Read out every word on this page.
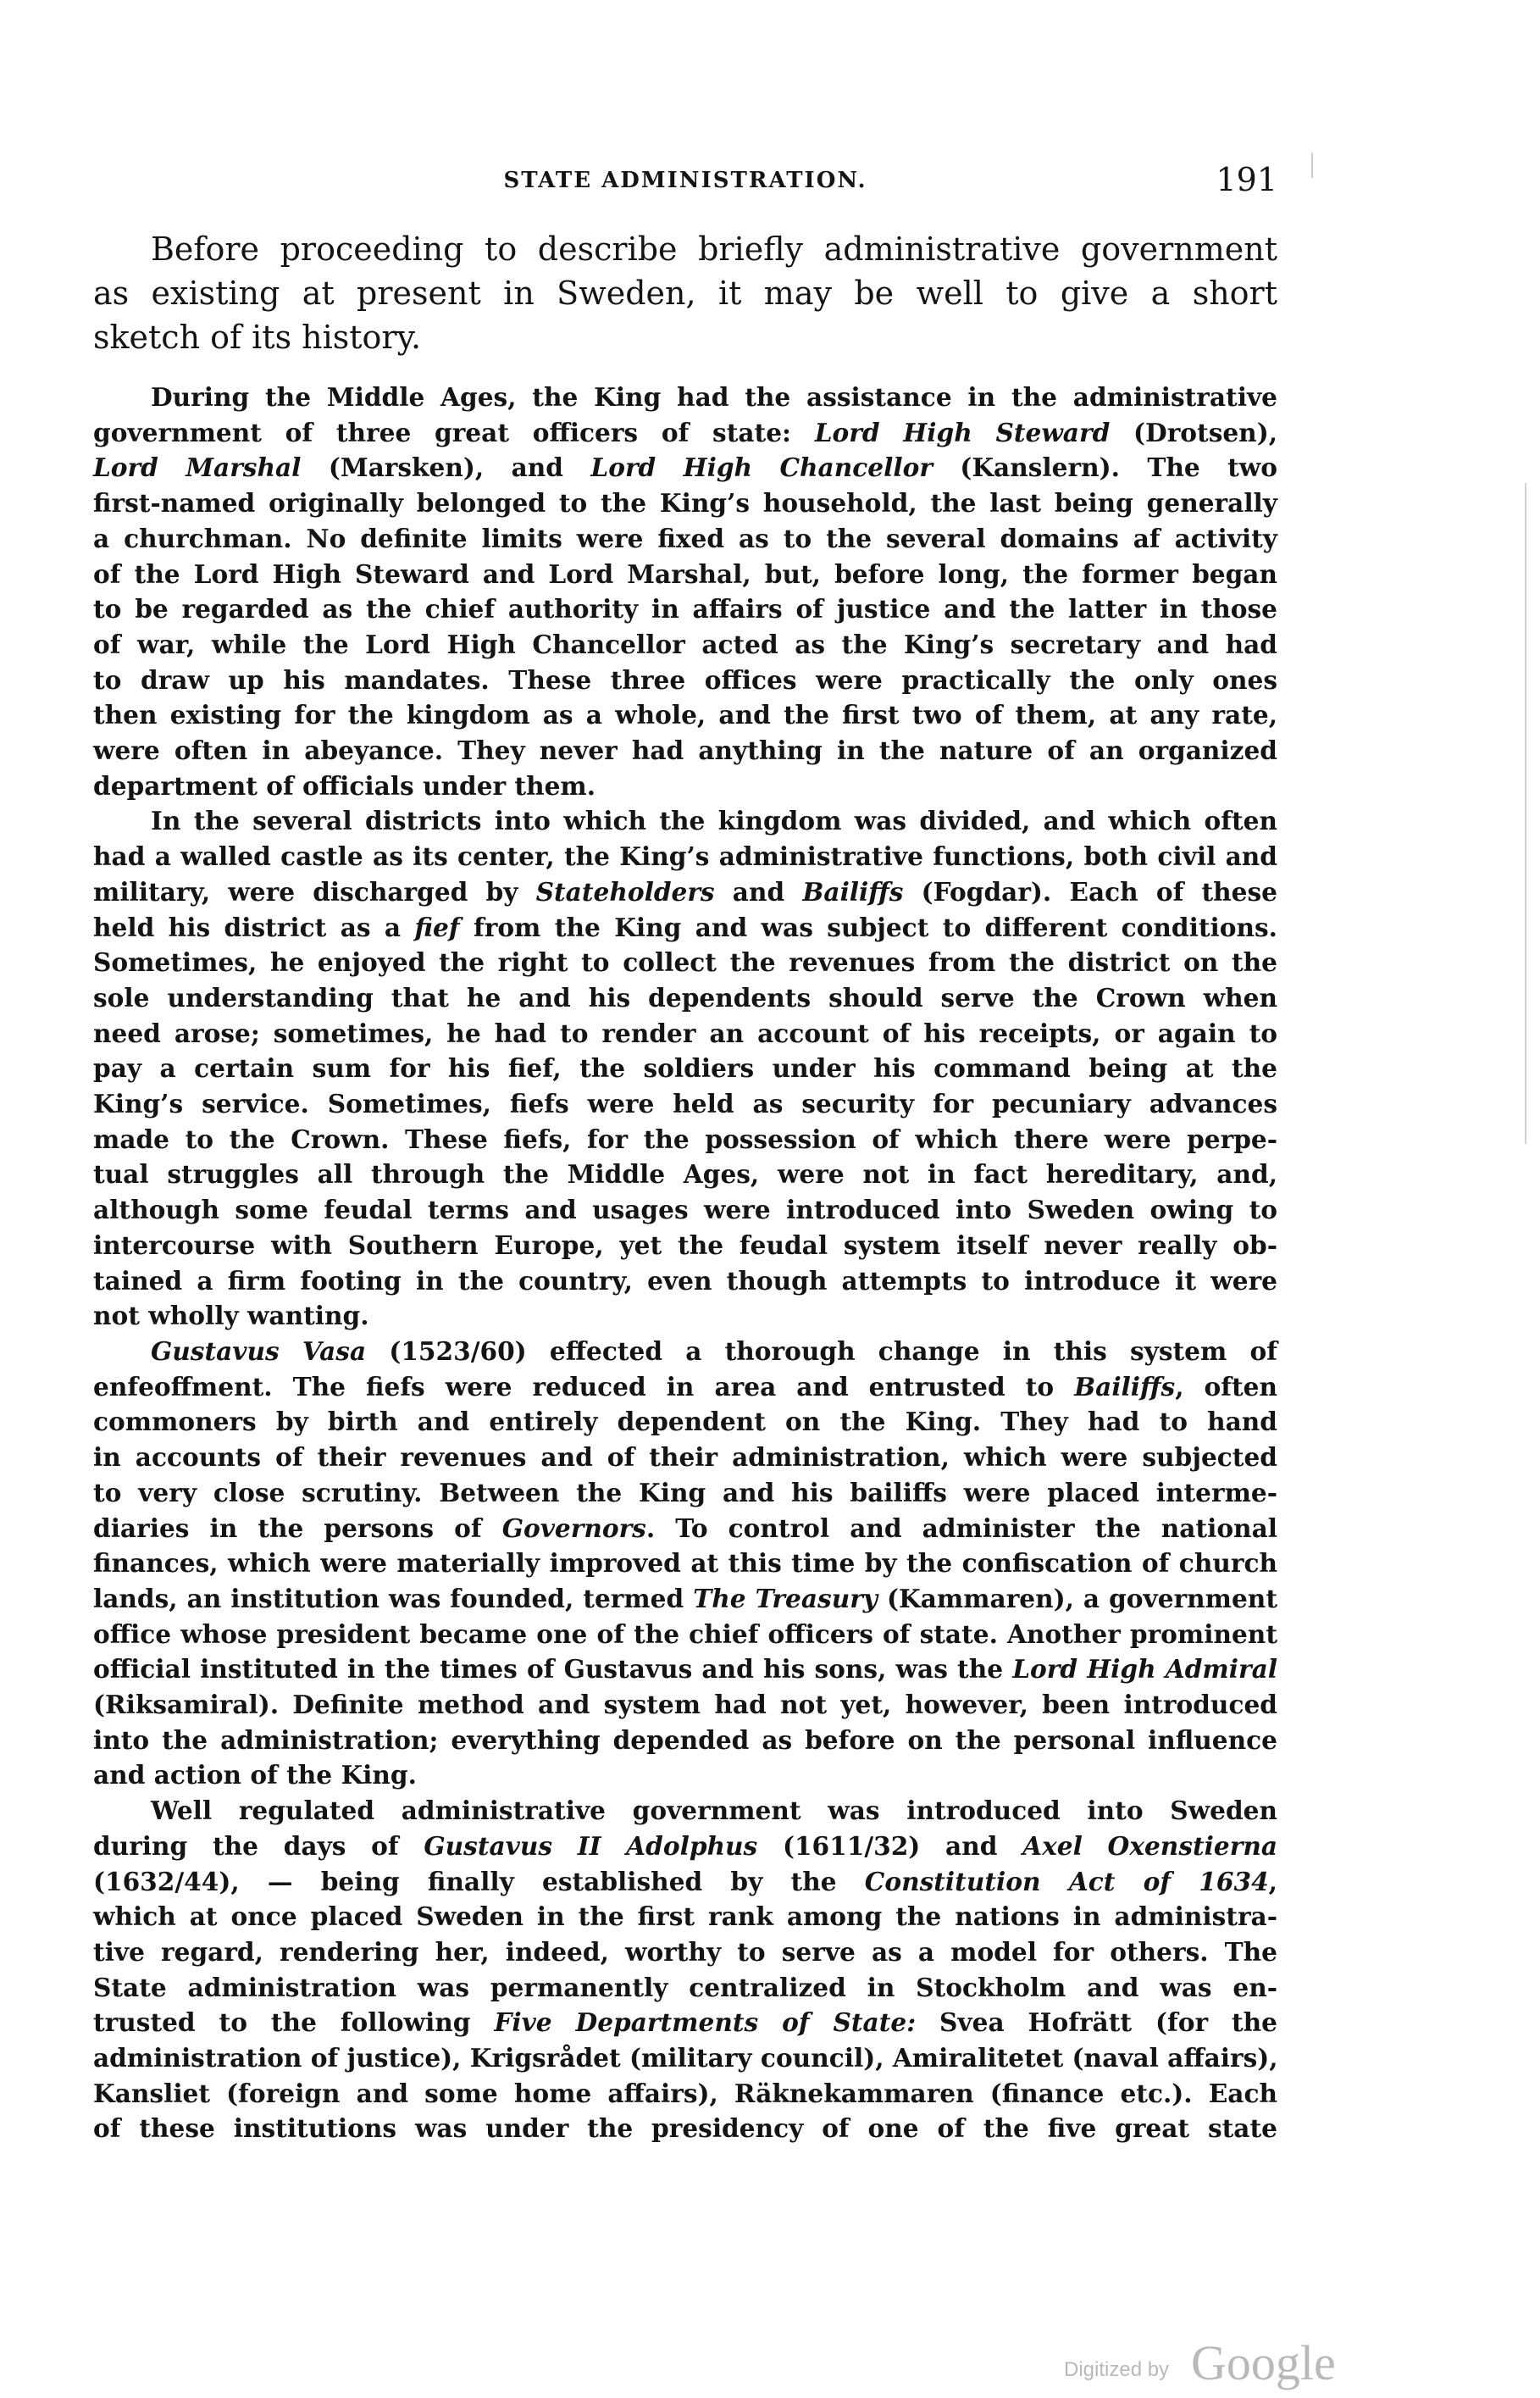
STATE ADMINISTRATION.	191
Before proceeding to describe briefly administrative government
as existing at present in Sweden, it may be well to give a short
sketch of its history.
During the Middle Ages, the King had the assistance in the administrative
government of three great officers of state: Lord High Steward (Drotsen),
Lord Marshal (Marsken), and Lord High Chancellor (Kanslern). The two
first-named originally belonged to the King’s household, the last being generally
a churchman. No definite limits were fixed as to the several domains af activity
of the Lord High Steward and Lord Marshal, but, before long, the former began
to be regarded as the chief authority in affairs of justice and the latter in those
of war, while the Lord High Chancellor acted as the King’s secretary and had
to draw up his mandates. These three offices were practically the only ones
then existing for the kingdom as a whole, and the first two of them, at any rate,
were often in abeyance. They never had anything in the nature of an organized
department of officials under them.
In the several districts into which the kingdom was divided, and which often
had a walled castle as its center, the King’s administrative functions, both civil and
military, were discharged by Stateholders and Bailiffs (Fogdar). Each of these
held his district as a fief from the King and was subject to different conditions.
Sometimes, he enjoyed the right to collect the revenues from the district on the
sole understanding that he and his dependents should serve the Crown when
need arose; sometimes, he had to render an account of his receipts, or again to
pay a certain sum for his fief, the soldiers under his command being at the
King’s service. Sometimes, fiefs were held as security for pecuniary advances
made to the Crown. These fiefs, for the possession of which there were perpe-
tual struggles all through the Middle Ages, were not in fact hereditary, and,
although some feudal terms and usages were introduced into Sweden owing to
intercourse with Southern Europe, yet the feudal system itself never really ob-
tained a firm footing in the country, even though attempts to introduce it were
not wholly wanting.
Gustavus Vasa (1523/60) effected a thorough change in this system of
enfeoffment. The fiefs were reduced in area and entrusted to Bailiffs, often
commoners by birth and entirely dependent on the King. They had to hand
in accounts of their revenues and of their administration, which were subjected
to very close scrutiny. Between the King and his bailiffs were placed interme-
diaries in the persons of Governors. To control and administer the national
finances, which were materially improved at this time by the confiscation of church
lands, an institution was founded, termed The Treasury (Kammaren), a government
office whose president became one of the chief officers of state. Another prominent
official instituted in the times of Gustavus and his sons, was the Lord High Admiral
(Riksamiral). Definite method and system had not yet, however, been introduced
into the administration; everything depended as before on the personal influence
and action of the King.
Well regulated administrative government was introduced into Sweden
during the days of Gustavus II Adolphus (1611/32) and Axel Oxenstierna
(1632/44), — being finally established by the Constitution Act of 1634,
which at once placed Sweden in the first rank among the nations in administra-
tive regard, rendering her, indeed, worthy to serve as a model for others. The
State administration was permanently centralized in Stockholm and was en-
trusted to the following Five Departments of State: Svea Hofrätt (for the
administration of justice), Krigsrådet (military council), Amiralitetet (naval affairs),
Kansliet (foreign and some home affairs), Räknekammaren (finance etc.). Each
of these institutions was under the presidency of one of the five great state
Digitized by Google
